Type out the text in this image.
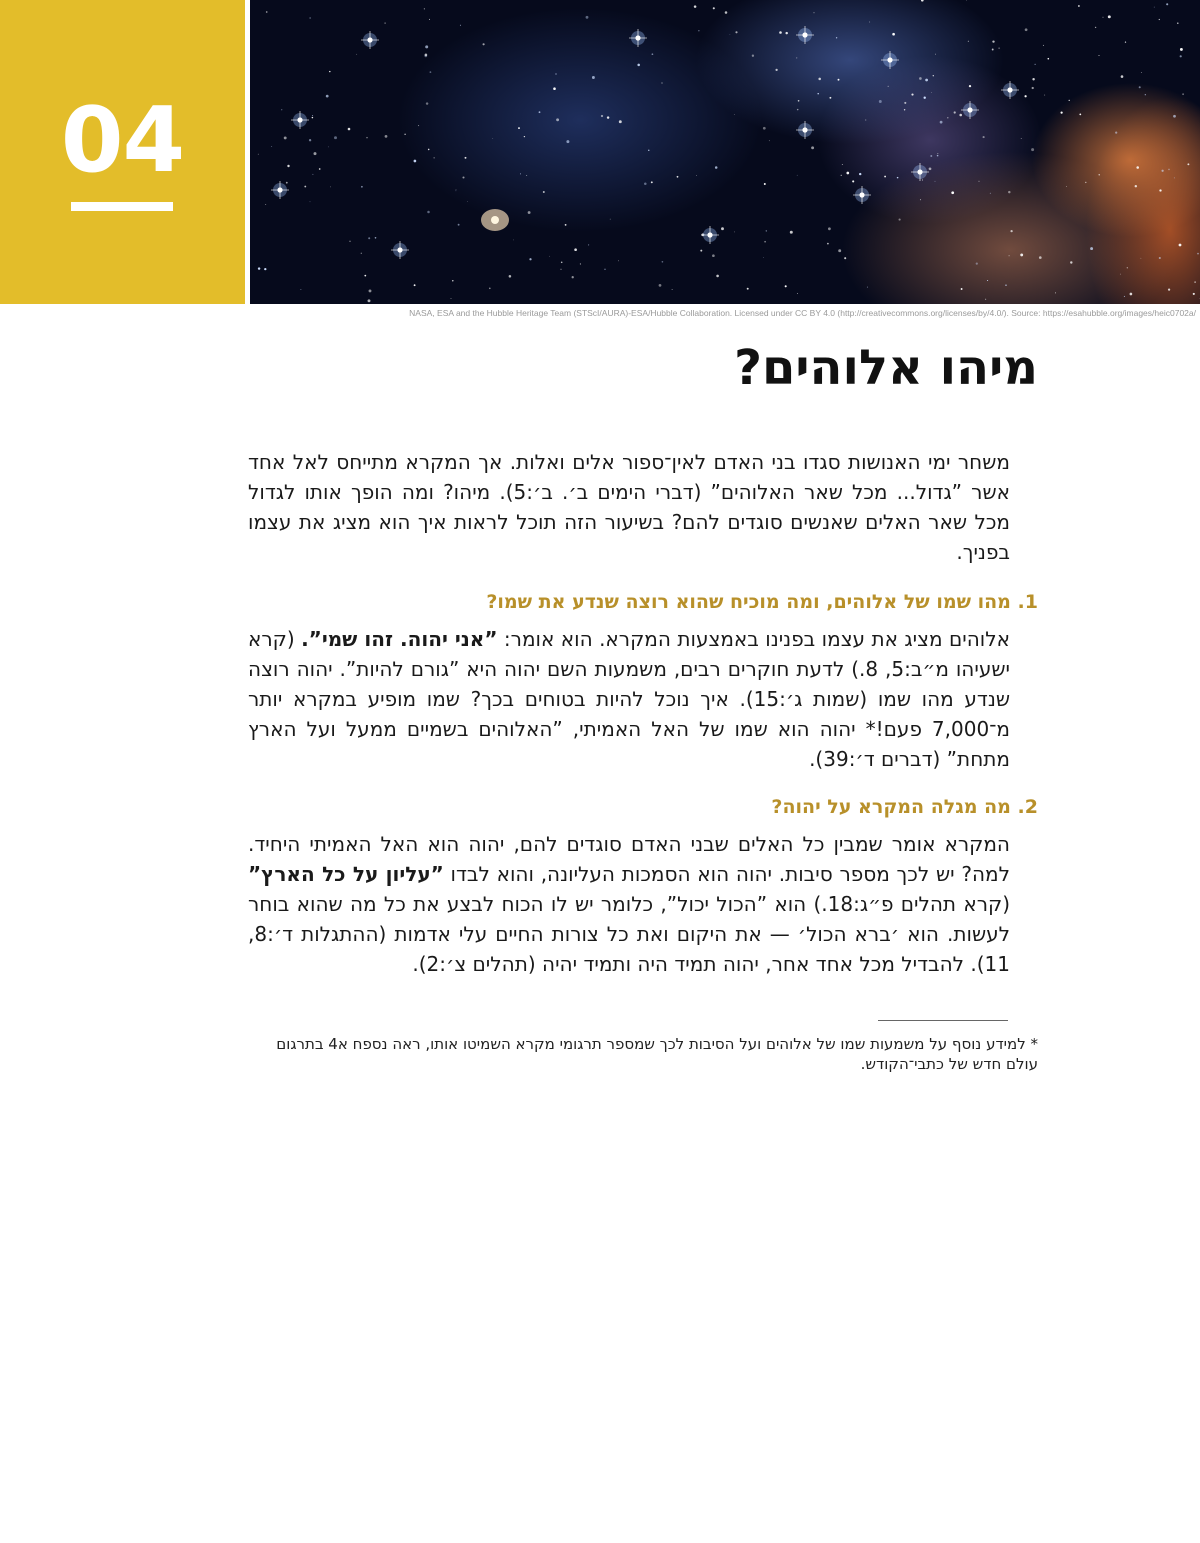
04
NASA, ESA and the Hubble Heritage Team (STScI/AURA)-ESA/Hubble Collaboration. Licensed under CC BY 4.0 (http://creativecommons.org/licenses/by/4.0/). Source: https://esahubble.org/images/heic0702a/
מיהו אלוהים?

משחר ימי האנושות סגדו בני האדם לאין־ספור אלים ואלות. אך המקרא מתייחס לאל אחד אשר ”גדול... מכל שאר האלוהים” (דברי הימים ב׳. ב׳:5). מיהו? ומה הופך אותו לגדול מכל שאר האלים שאנשים סוגדים להם? בשיעור הזה תוכל לראות איך הוא מציג את עצמו בפניך.

1. מהו שמו של אלוהים, ומה מוכיח שהוא רוצה שנדע את שמו?

אלוהים מציג את עצמו בפנינו באמצעות המקרא. הוא אומר: ”אני יהוה. זהו שמי”. (קרא ישעיהו מ״ב:5, 8.) לדעת חוקרים רבים, משמעות השם יהוה היא ”גורם להיות”. יהוה רוצה שנדע מהו שמו (שמות ג׳:15). איך נוכל להיות בטוחים בכך? שמו מופיע במקרא יותר מ־7,000 פעם!* יהוה הוא שמו של האל האמיתי, ”האלוהים בשמיים ממעל ועל הארץ מתחת” (דברים ד׳:39).

2. מה מגלה המקרא על יהוה?

המקרא אומר שמבין כל האלים שבני האדם סוגדים להם, יהוה הוא האל האמיתי היחיד. למה? יש לכך מספר סיבות. יהוה הוא הסמכות העליונה, והוא לבדו ”עליון על כל הארץ” (קרא תהלים פ״ג:18.) הוא ”הכול יכול”, כלומר יש לו הכוח לבצע את כל מה שהוא בוחר לעשות. הוא ׳ברא הכול׳ — את היקום ואת כל צורות החיים עלי אדמות (ההתגלות ד׳:8, 11). להבדיל מכל אחד אחר, יהוה תמיד היה ותמיד יהיה (תהלים צ׳:2).

* למידע נוסף על משמעות שמו של אלוהים ועל הסיבות לכך שמספר תרגומי מקרא השמיטו אותו, ראה נספח א4 בתרגום עולם חדש של כתבי־הקודש.
